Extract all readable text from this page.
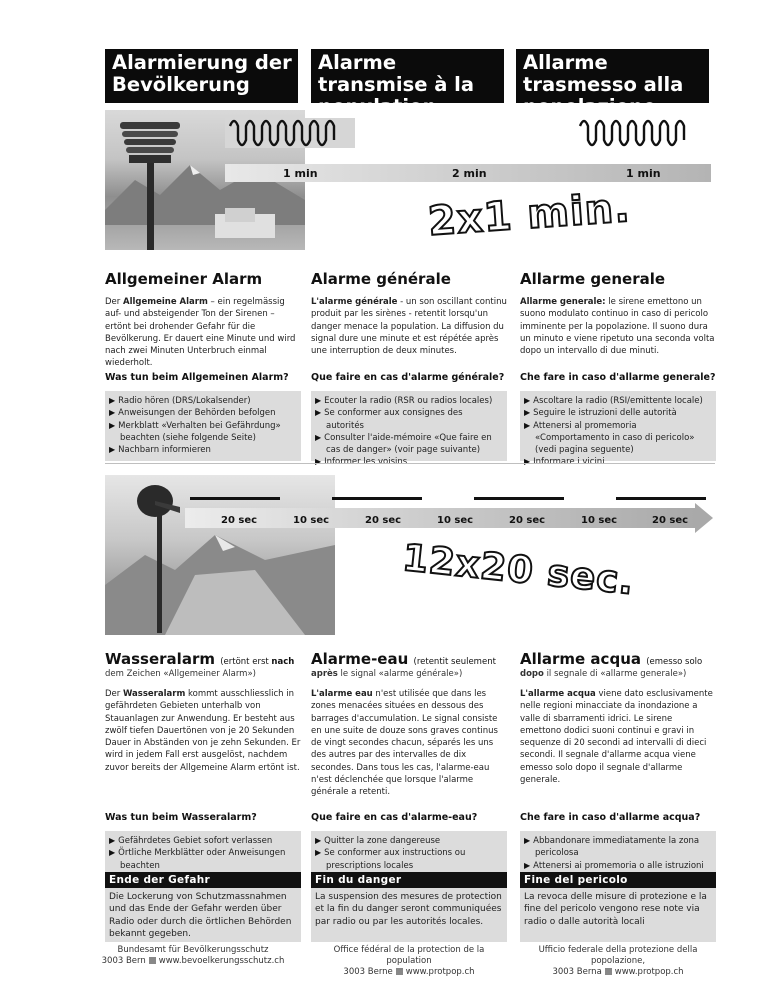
Alarmierung der Bevölkerung
Alarme transmise à la population
Allarme trasmesso alla popolazione
1 min	2 min	1 min
2x1 min.
Allgemeiner Alarm
Der Allgemeine Alarm – ein regelmässig auf- und absteigender Ton der Sirenen – ertönt bei drohender Gefahr für die Bevölkerung. Er dauert eine Minute und wird nach zwei Minuten Unterbruch einmal wiederholt.
Was tun beim Allgemeinen Alarm?
▶ Radio hören (DRS/Lokalsender)
▶ Anweisungen der Behörden befolgen
▶ Merkblatt «Verhalten bei Gefährdung» beachten (siehe folgende Seite)
▶ Nachbarn informieren
Alarme générale
L'alarme générale - un son oscillant continu produit par les sirènes - retentit lorsqu'un danger menace la population. La diffusion du signal dure une minute et est répétée après une interruption de deux minutes.
Que faire en cas d'alarme générale?
▶ Ecouter la radio (RSR ou radios locales)
▶ Se conformer aux consignes des autorités
▶ Consulter l'aide-mémoire «Que faire en cas de danger» (voir page suivante)
▶
Allarme generale
Allarme generale: le sirene emettono un suono modulato continuo in caso di pericolo imminente per la popolazione. Il suono dura un minuto e viene ripetuto una seconda volta dopo un intervallo di due minuti.
Che fare in caso d'allarme generale?
▶ Ascoltare la radio (RSI/emittente locale)
▶ Seguire le istruzioni delle autorità
▶ Attenersi al promemoria «Comportamento in caso di pericolo» (vedi pagina seguente)
▶
20 sec	10 sec	20 sec	10 sec	20 sec	10 sec	20 sec
12x20 sec.
Wasseralarm (ertönt erst nach
dem Zeichen «Allgemeiner Alarm»)
Der Wasseralarm kommt ausschliesslich in gefährdeten Gebieten unterhalb von Stauanlagen zur Anwendung. Er besteht aus zwölf tiefen Dauertönen von je 20 Sekunden Dauer in Abständen von je zehn Sekunden. Er wird in jedem Fall erst ausgelöst, nachdem zuvor bereits der Allgemeine Alarm ertönt ist.
Was tun beim Wasseralarm?
▶ Gefährdetes Gebiet sofort verlassen
▶ Örtliche Merkblätter oder Anweisungen beachten
Alarme-eau (retentit seulement
après le signal «alarme générale»)
L'alarme eau n'est utilisée que dans les zones menacées situées en dessous des barrages d'accumulation. Le signal consiste en une suite de douze sons graves continus de vingt secondes chacun, séparés les uns des autres par des intervalles de dix secondes. Dans tous les cas, l'alarme-eau n'est déclenchée que lorsque l'alarme générale a retenti.
Que faire en cas d'alarme-eau?
▶ Quitter la zone dangereuse
▶ Se conformer aux instructions ou prescriptions locales
Allarme acqua (emesso solo
dopo il segnale di «allarme generale»)
L'allarme acqua viene dato esclusivamente nelle regioni minacciate da inondazione a valle di sbarramenti idrici. Le sirene emettono dodici suoni continui e gravi in sequenze di 20 secondi ad intervalli di dieci secondi. Il segnale d'allarme acqua viene emesso solo dopo il segnale d'allarme generale.
Che fare in caso d'allarme acqua?
▶ Abbandonare immediatamente la zona pericolosa
▶ Attenersi ai promemoria o alle istruzioni
Ende der Gefahr
Die Lockerung von Schutzmassnahmen und das Ende der Gefahr werden über Radio oder durch die örtlichen Behörden bekannt gegeben.
Fin du danger
La suspension des mesures de protection et la fin du danger seront communiquées par radio ou par les autorités locales.
Fine del pericolo
La revoca delle misure di protezione e la fine del pericolo vengono rese note via radio o dalle autorità locali
Bundesamt für Bevölkerungsschutz
3003 Bern www.bevoelkerungsschutz.ch
Office fédéral de la protection de la population
3003 Berne www.protpop.ch
Ufficio federale della protezione della popolazione,
3003 Berna www.protpop.ch
